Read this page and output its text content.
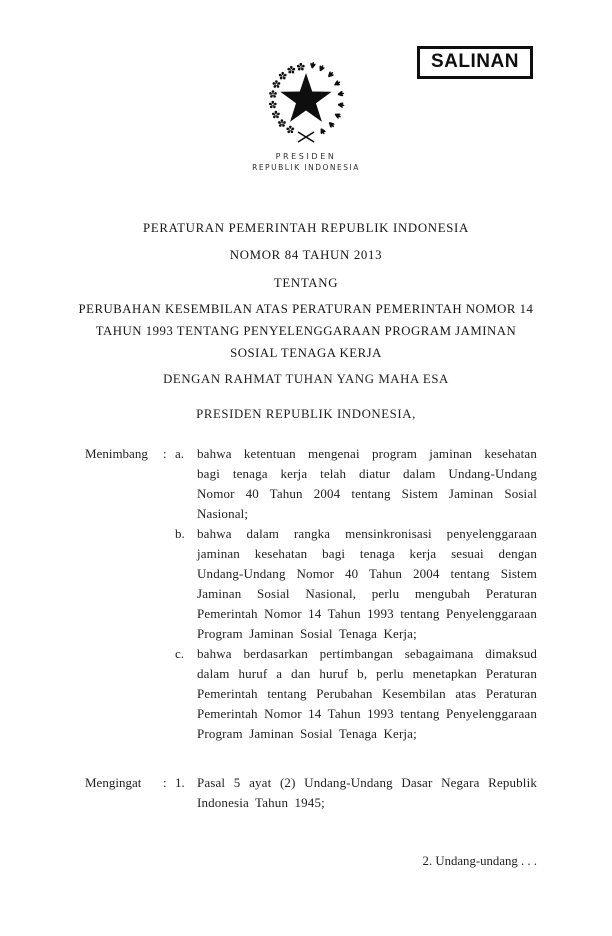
SALINAN
PRESIDEN
REPUBLIK INDONESIA
PERATURAN PEMERINTAH REPUBLIK INDONESIA
NOMOR 84 TAHUN 2013
TENTANG
PERUBAHAN KESEMBILAN ATAS PERATURAN PEMERINTAH NOMOR 14
TAHUN 1993 TENTANG PENYELENGGARAAN PROGRAM JAMINAN
SOSIAL TENAGA KERJA
DENGAN RAHMAT TUHAN YANG MAHA ESA
PRESIDEN REPUBLIK INDONESIA,
Menimbang	: a. bahwa ketentuan mengenai program jaminan kesehatan bagi tenaga kerja telah diatur dalam Undang-Undang Nomor 40 Tahun 2004 tentang Sistem Jaminan Sosial Nasional;
b. bahwa dalam rangka mensinkronisasi penyelenggaraan jaminan kesehatan bagi tenaga kerja sesuai dengan Undang-Undang Nomor 40 Tahun 2004 tentang Sistem Jaminan Sosial Nasional, perlu mengubah Peraturan Pemerintah Nomor 14 Tahun 1993 tentang Penyelenggaraan Program Jaminan Sosial Tenaga Kerja;
c. bahwa berdasarkan pertimbangan sebagaimana dimaksud dalam huruf a dan huruf b, perlu menetapkan Peraturan Pemerintah tentang Perubahan Kesembilan atas Peraturan Pemerintah Nomor 14 Tahun 1993 tentang Penyelenggaraan Program Jaminan Sosial Tenaga Kerja;
Mengingat	: 1. Pasal 5 ayat (2) Undang-Undang Dasar Negara Republik Indonesia Tahun 1945;
2. Undang-undang . . .
